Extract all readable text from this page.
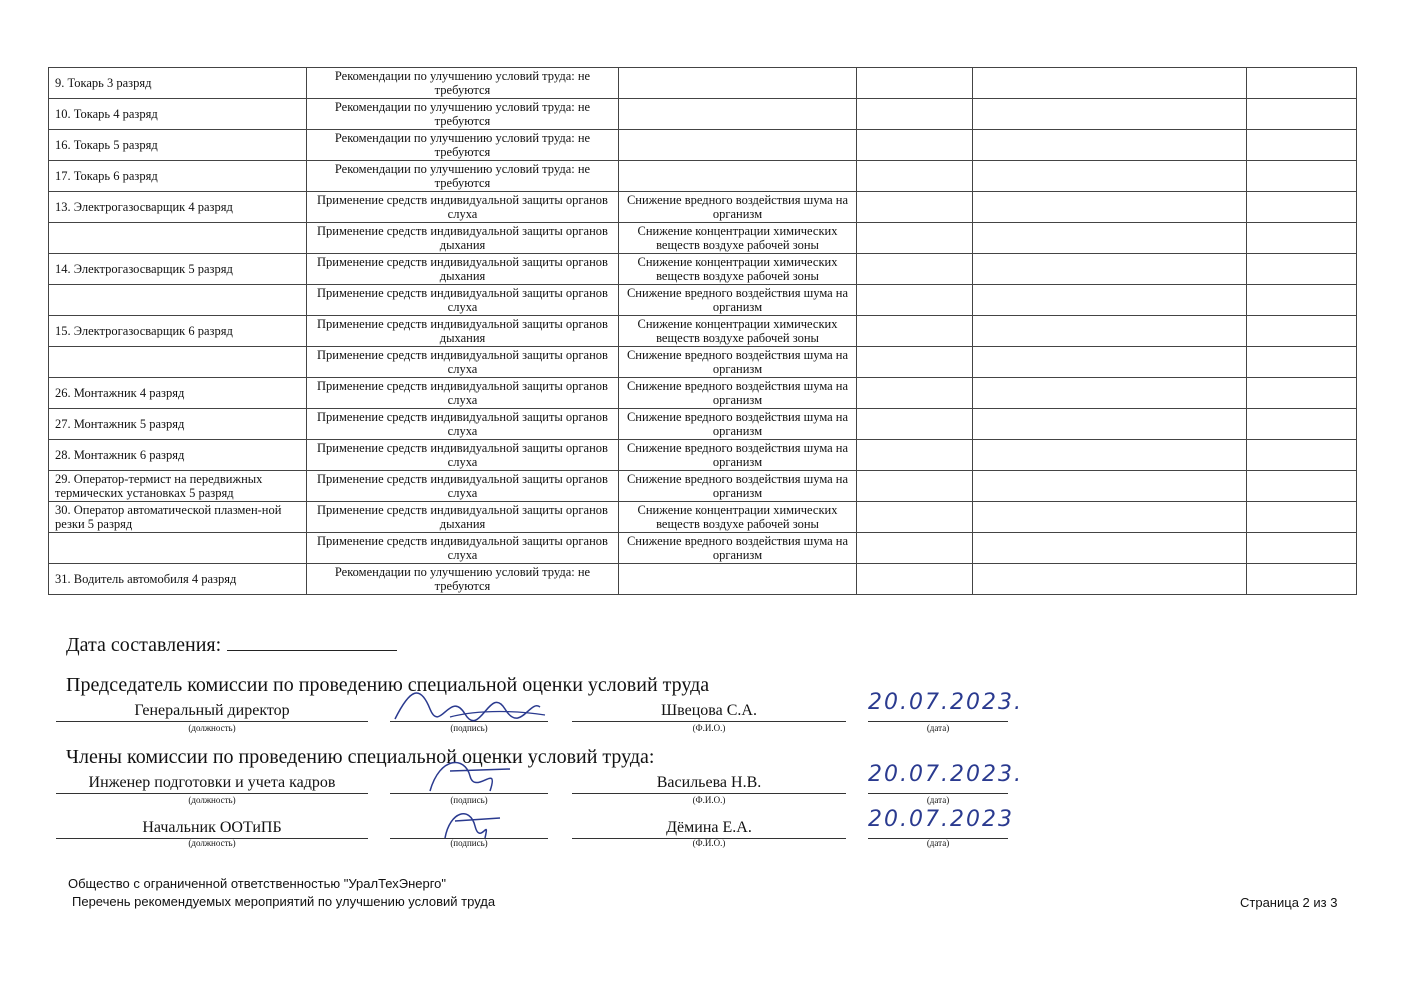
9. Токарь 3 разряд	Рекомендации по улучшению условий труда: не требуются				
10. Токарь 4 разряд	Рекомендации по улучшению условий труда: не требуются				
16. Токарь 5 разряд	Рекомендации по улучшению условий труда: не требуются				
17. Токарь 6 разряд	Рекомендации по улучшению условий труда: не требуются				
13. Электрогазосварщик 4 разряд	Применение средств индивидуальной защиты органов слуха	Снижение вредного воздействия шума на организм			
	Применение средств индивидуальной защиты органов дыхания	Снижение концентрации химических веществ воздухе рабочей зоны			
14. Электрогазосварщик 5 разряд	Применение средств индивидуальной защиты органов дыхания	Снижение концентрации химических веществ воздухе рабочей зоны			
	Применение средств индивидуальной защиты органов слуха	Снижение вредного воздействия шума на организм			
15. Электрогазосварщик 6 разряд	Применение средств индивидуальной защиты органов дыхания	Снижение концентрации химических веществ воздухе рабочей зоны			
	Применение средств индивидуальной защиты органов слуха	Снижение вредного воздействия шума на организм			
26. Монтажник 4 разряд	Применение средств индивидуальной защиты органов слуха	Снижение вредного воздействия шума на организм			
27. Монтажник 5 разряд	Применение средств индивидуальной защиты органов слуха	Снижение вредного воздействия шума на организм			
28. Монтажник 6 разряд	Применение средств индивидуальной защиты органов слуха	Снижение вредного воздействия шума на организм			
29. Оператор-термист на передвижных термических установках 5 разряд	Применение средств индивидуальной защиты органов слуха	Снижение вредного воздействия шума на организм			
30. Оператор автоматической плазмен-ной резки 5 разряд	Применение средств индивидуальной защиты органов дыхания	Снижение концентрации химических веществ воздухе рабочей зоны			
	Применение средств индивидуальной защиты органов слуха	Снижение вредного воздействия шума на организм			
31. Водитель автомобиля 4 разряд	Рекомендации по улучшению условий труда: не требуются				
Дата составления:
Председатель комиссии по проведению специальной оценки условий труда
Генеральный директор
(должность)	(подпись)
Швецова С.А.
(Ф.И.О.)
20.07.2023.
(дата)
Члены комиссии по проведению специальной оценки условий труда:
Инженер подготовки и учета кадров
(должность)	(подпись)
Васильева Н.В.
(Ф.И.О.)
20.07.2023.
(дата)
Начальник ООТиПБ
(должность)	(подпись)
Дёмина Е.А.
(Ф.И.О.)
20.07.2023
(дата)
Общество с ограниченной ответственностью "УралТехЭнерго"
Перечень рекомендуемых мероприятий по улучшению условий труда	Страница 2 из 3
